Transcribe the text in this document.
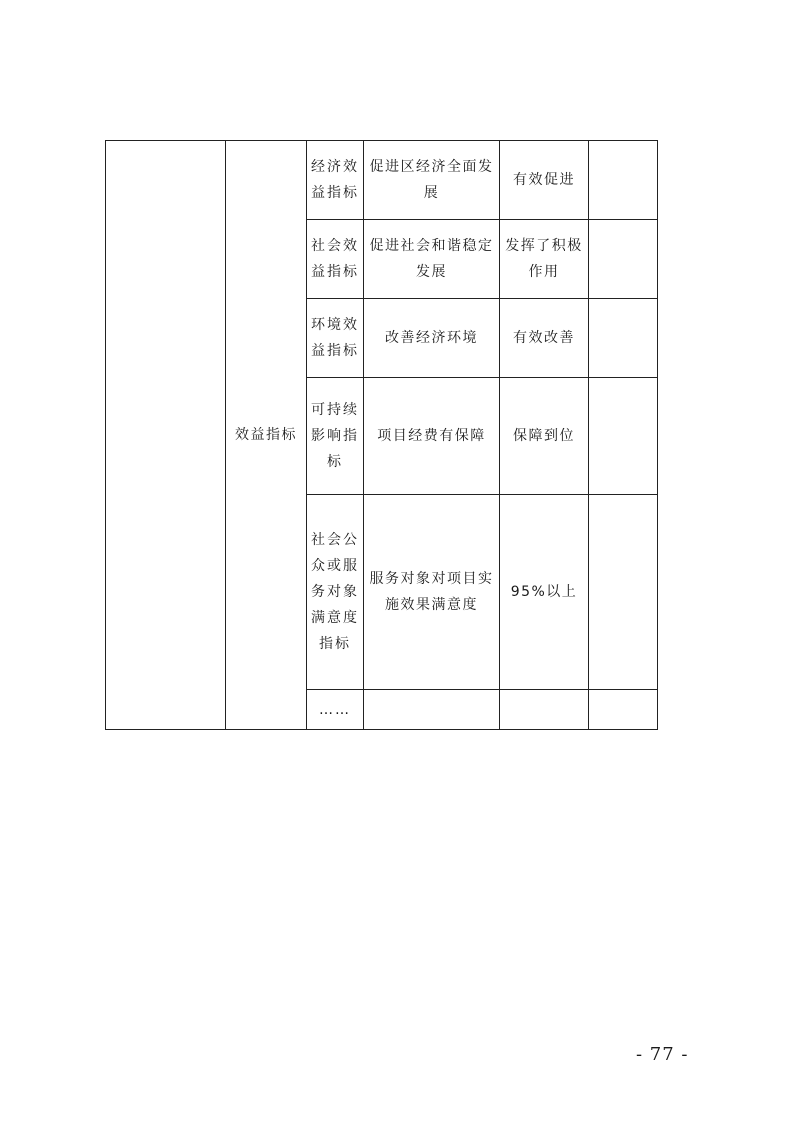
	效益指标	经济效益指标	促进区经济全面发展	有效促进	
		社会效益指标	促进社会和谐稳定发展	发挥了积极作用	
		环境效益指标	改善经济环境	有效改善	
		可持续影响指标	项目经费有保障	保障到位	
		社会公众或服务对象满意度指标	服务对象对项目实施效果满意度	95%以上	
		……			
- 77 -
